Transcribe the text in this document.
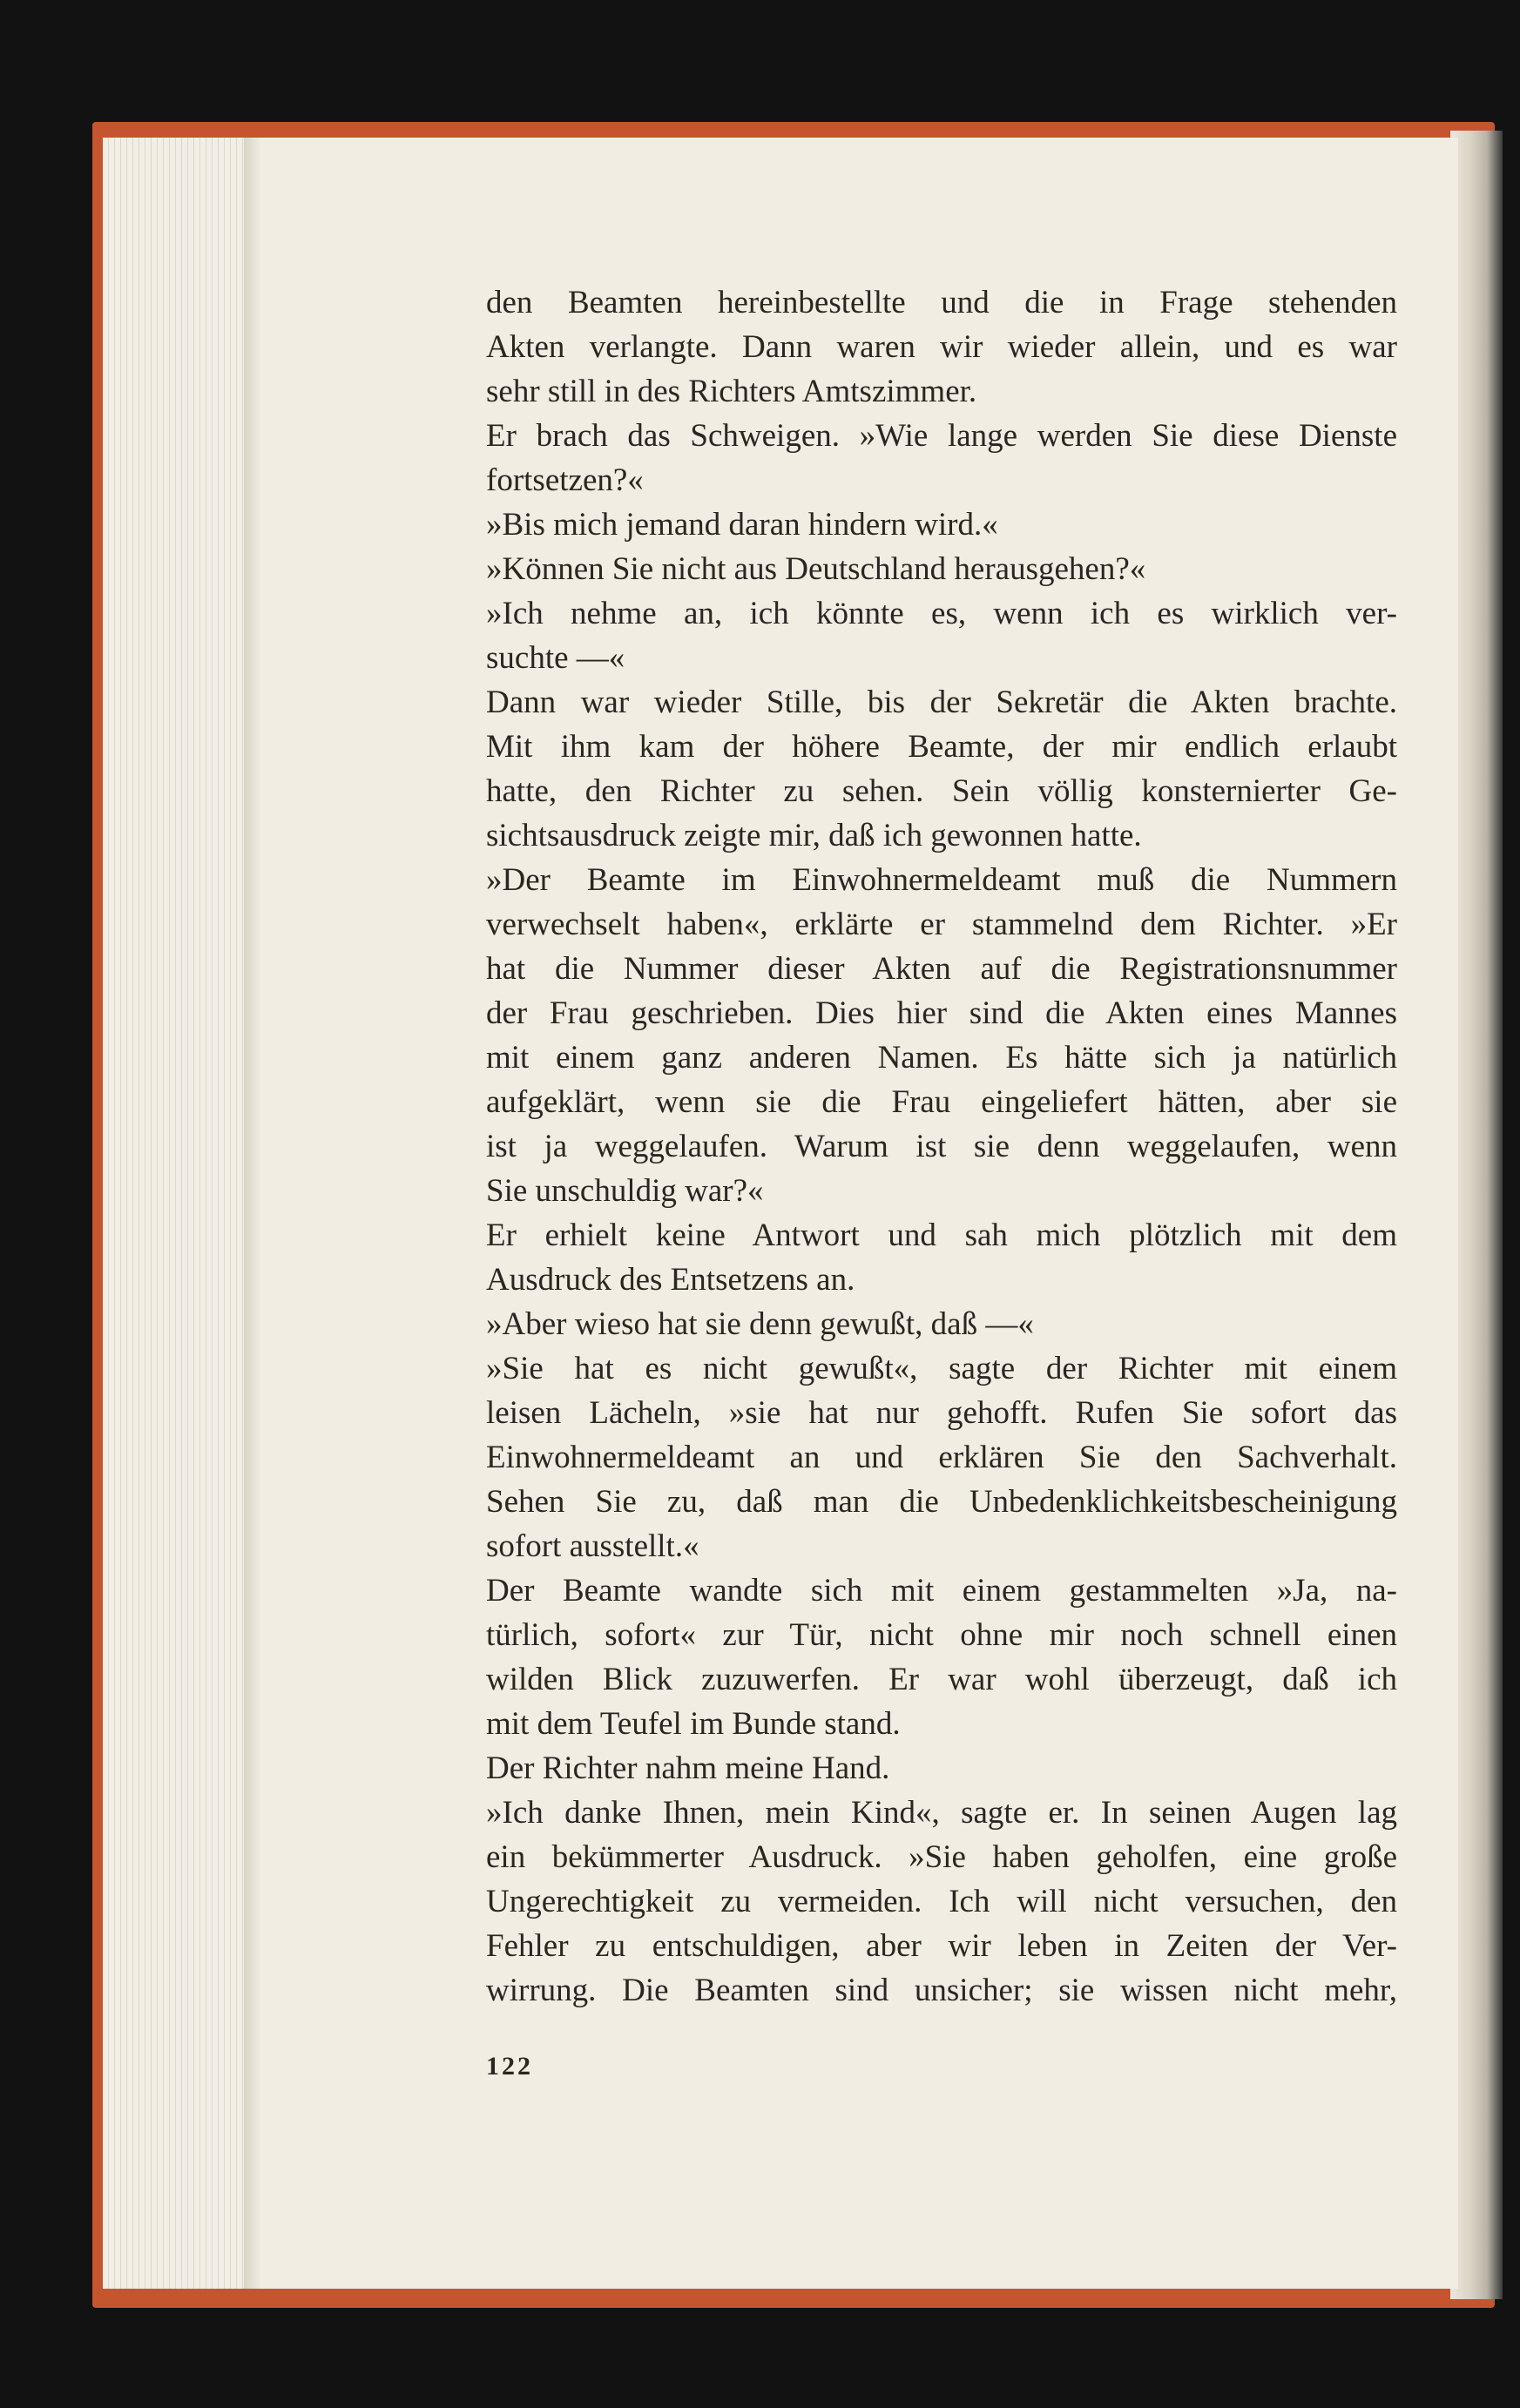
den Beamten hereinbestellte und die in Frage stehenden
Akten verlangte. Dann waren wir wieder allein, und es war
sehr still in des Richters Amtszimmer.
Er brach das Schweigen. »Wie lange werden Sie diese Dienste
fortsetzen?«
»Bis mich jemand daran hindern wird.«
»Können Sie nicht aus Deutschland herausgehen?«
»Ich nehme an, ich könnte es, wenn ich es wirklich ver-
suchte —«
Dann war wieder Stille, bis der Sekretär die Akten brachte.
Mit ihm kam der höhere Beamte, der mir endlich erlaubt
hatte, den Richter zu sehen. Sein völlig konsternierter Ge-
sichtsausdruck zeigte mir, daß ich gewonnen hatte.
»Der Beamte im Einwohnermeldeamt muß die Nummern
verwechselt haben«, erklärte er stammelnd dem Richter. »Er
hat die Nummer dieser Akten auf die Registrationsnummer
der Frau geschrieben. Dies hier sind die Akten eines Mannes
mit einem ganz anderen Namen. Es hätte sich ja natürlich
aufgeklärt, wenn sie die Frau eingeliefert hätten, aber sie
ist ja weggelaufen. Warum ist sie denn weggelaufen, wenn
Sie unschuldig war?«
Er erhielt keine Antwort und sah mich plötzlich mit dem
Ausdruck des Entsetzens an.
»Aber wieso hat sie denn gewußt, daß —«
»Sie hat es nicht gewußt«, sagte der Richter mit einem
leisen Lächeln, »sie hat nur gehofft. Rufen Sie sofort das
Einwohnermeldeamt an und erklären Sie den Sachverhalt.
Sehen Sie zu, daß man die Unbedenklichkeitsbescheinigung
sofort ausstellt.«
Der Beamte wandte sich mit einem gestammelten »Ja, na-
türlich, sofort« zur Tür, nicht ohne mir noch schnell einen
wilden Blick zuzuwerfen. Er war wohl überzeugt, daß ich
mit dem Teufel im Bunde stand.
Der Richter nahm meine Hand.
»Ich danke Ihnen, mein Kind«, sagte er. In seinen Augen lag
ein bekümmerter Ausdruck. »Sie haben geholfen, eine große
Ungerechtigkeit zu vermeiden. Ich will nicht versuchen, den
Fehler zu entschuldigen, aber wir leben in Zeiten der Ver-
wirrung. Die Beamten sind unsicher; sie wissen nicht mehr,
122
